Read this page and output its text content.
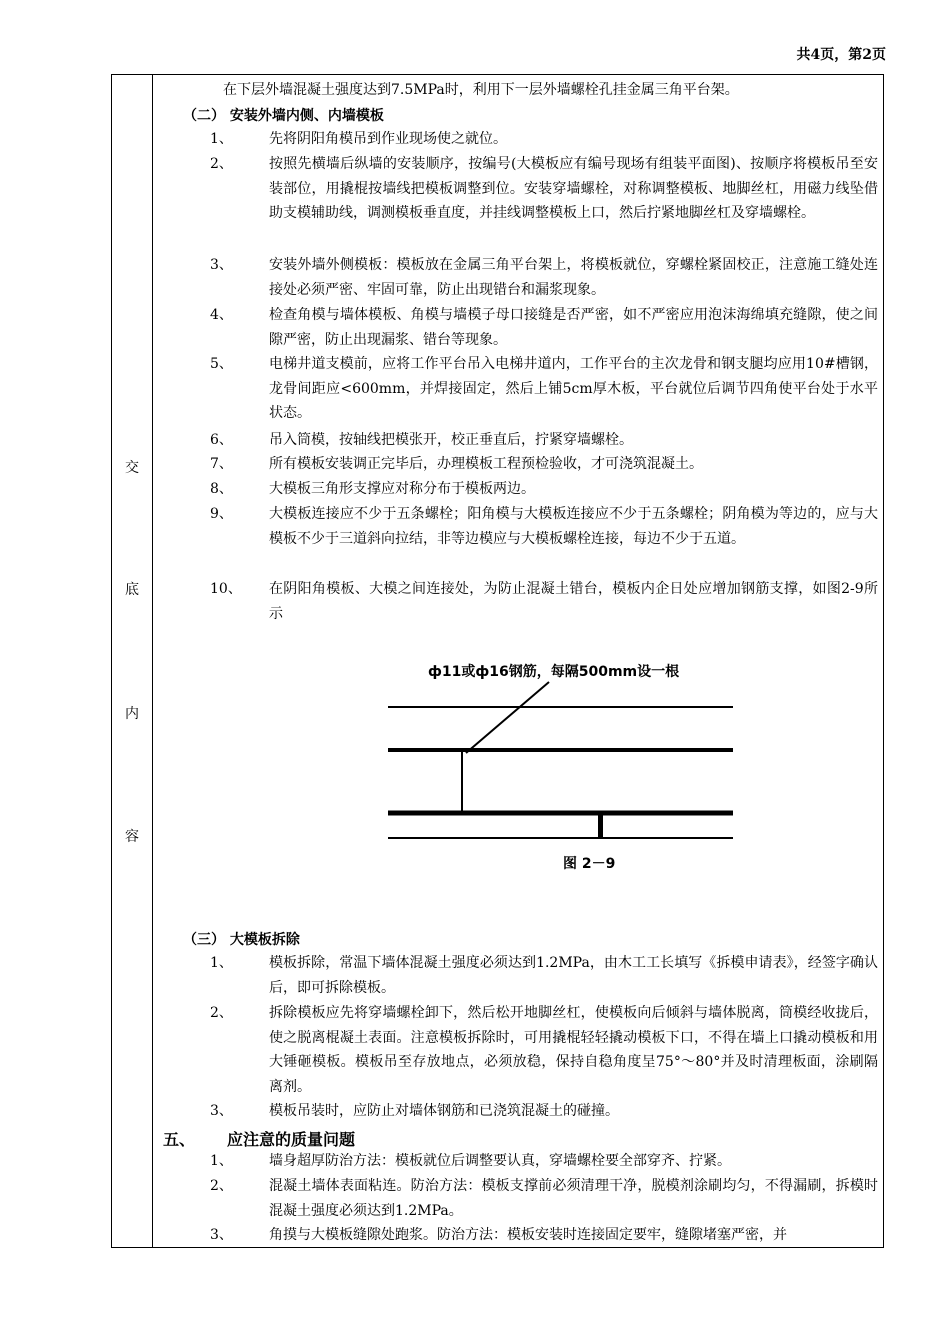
共4页，第2页
交
底
内
容
在下层外墙混凝土强度达到7.5MPa时，利用下一层外墙螺栓孔挂金属三角平台架。
（二） 安装外墙内侧、内墙模板
1、	先将阴阳角模吊到作业现场使之就位。
2、	按照先横墙后纵墙的安装顺序，按编号(大模板应有编号现场有组装平面图)、按顺序将模板吊至安装部位，用撬棍按墙线把模板调整到位。安装穿墙螺栓，对称调整模板、地脚丝杠，用磁力线坠借助支模辅助线，调测模板垂直度，并挂线调整模板上口，然后拧紧地脚丝杠及穿墙螺栓。
3、	安装外墙外侧模板：模板放在金属三角平台架上，将模板就位，穿螺栓紧固校正，注意施工缝处连接处必须严密、牢固可靠，防止出现错台和漏浆现象。
4、	检查角模与墙体模板、角模与墙模子母口接缝是否严密，如不严密应用泡沫海绵填充缝隙，使之间隙严密，防止出现漏浆、错台等现象。
5、	电梯井道支模前，应将工作平台吊入电梯井道内，工作平台的主次龙骨和钢支腿均应用10#槽钢，龙骨间距应<600mm，并焊接固定，然后上铺5cm厚木板，平台就位后调节四角使平台处于水平状态。
6、	吊入筒模，按轴线把模张开，校正垂直后，拧紧穿墙螺栓。
7、	所有模板安装调正完毕后，办理模板工程预检验收，才可浇筑混凝土。
8、	大模板三角形支撑应对称分布于模板两边。
9、	大模板连接应不少于五条螺栓；阳角模与大模板连接应不少于五条螺栓；阴角模为等边的，应与大模板不少于三道斜向拉结，非等边模应与大模板螺栓连接，每边不少于五道。
10、 在阴阳角模板、大模之间连接处，为防止混凝土错台，模板内企日处应增加钢筋支撑，如图2-9所示
ф11或ф16钢筋，每隔500mm设一根
图 2－9
（三） 大模板拆除
1、	模板拆除，常温下墙体混凝土强度必须达到1.2MPa，由木工工长填写《拆模申请表》，经签字确认后，即可拆除模板。
2、	拆除模板应先将穿墙螺栓卸下，然后松开地脚丝杠，使模板向后倾斜与墙体脱离，筒模经收拢后，使之脱离棍凝土表面。注意模板拆除时，可用撬棍轻轻撬动模板下口，不得在墙上口撬动模板和用大锤砸模板。模板吊至存放地点，必须放稳，保持自稳角度呈75°～80°并及时清理板面，涂刷隔离剂。
3、	模板吊装时，应防止对墙体钢筋和已浇筑混凝土的碰撞。
五、 应注意的质量问题
1、	墙身超厚防治方法：模板就位后调整要认真，穿墙螺栓要全部穿齐、拧紧。
2、	混凝土墙体表面粘连。防治方法：模板支撑前必须清理干净，脱模剂涂刷均匀，不得漏刷，拆模时混凝土强度必须达到1.2MPa。
3、	角摸与大模板缝隙处跑浆。防治方法：模板安装时连接固定要牢，缝隙堵塞严密，并
